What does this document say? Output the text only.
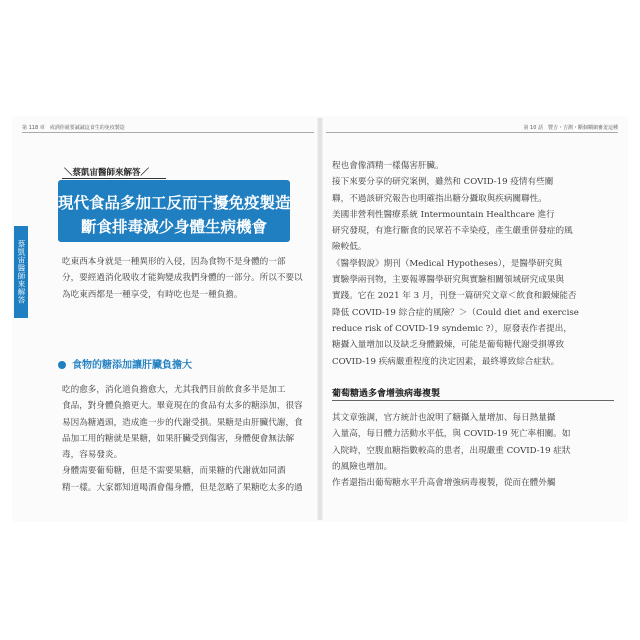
第 118 章　戒酒你就要誠誠這食生的免疫製造
蔡凱宙醫師來解答
＼蔡凱宙醫師來解答／
現代食品多加工反而干擾免疫製造
斷食排毒減少身體生病機會
吃東西本身就是一種異形的入侵，因為食物不是身體的一部
分，要經過消化吸收才能夠變成我們身體的一部分。所以不要以
為吃東西都是一種享受，有時吃也是一種負擔。
食物的糖添加讓肝臟負擔大
吃的愈多，消化道負擔愈大，尤其我們目前飲食多半是加工
食品，對身體負擔更大。畢竟現在的食品有太多的糖添加，很容
易因為糖過頭，造成進一步的代謝受損。果糖是由肝臟代謝，食
品加工用的糖就是果糖，如果肝臟受到傷害，身體便會無法解
毒，容易發炎。
身體需要葡萄糖，但是不需要果糖，而果糖的代謝就如同酒
精一樣。大家都知道喝酒會傷身體，但是忽略了果糖吃太多的過
第 10 話　豐吉・吉測・斷個糊網畜羞這種
程也會像酒精一樣傷害肝臟。
接下來要分享的研究案例，雖然和 COVID-19 疫情有些關
聯，不過該研究報告也明確指出糖分攝取與疾病關聯性。
美國非營利性醫療系統 Intermountain Healthcare 進行
研究發現，有進行斷食的民眾若不幸染疫，產生嚴重併發症的風
險較低。
《醫學假說》期刊（Medical Hypotheses），是醫學研究與
實驗學兩刊物，主要報導醫學研究與實驗相關領域研究成果與
實踐。它在 2021 年 3 月，刊登一篇研究文章＜飲食和鍛煉能否
降低 COVID-19 綜合症的風險？＞（Could diet and exercise
reduce risk of COVID-19 syndemic ?），原發表作者提出，
糖攝入量增加以及缺乏身體鍛煉，可能是葡萄糖代謝受損導致
COVID-19 疾病嚴重程度的決定因素，最終導致綜合症狀。
葡萄糖過多會增強病毒複製
其文章強調，官方統計也說明了糖攝入量增加、每日熱量攝
入量高，每日體力活動水平低，與 COVID-19 死亡率相關。如
入院時，空腹血糖指數較高的患者，出現嚴重 COVID-19 症狀
的風險也增加。
作者還指出葡萄糖水平升高會增強病毒複製，從而在體外觸
